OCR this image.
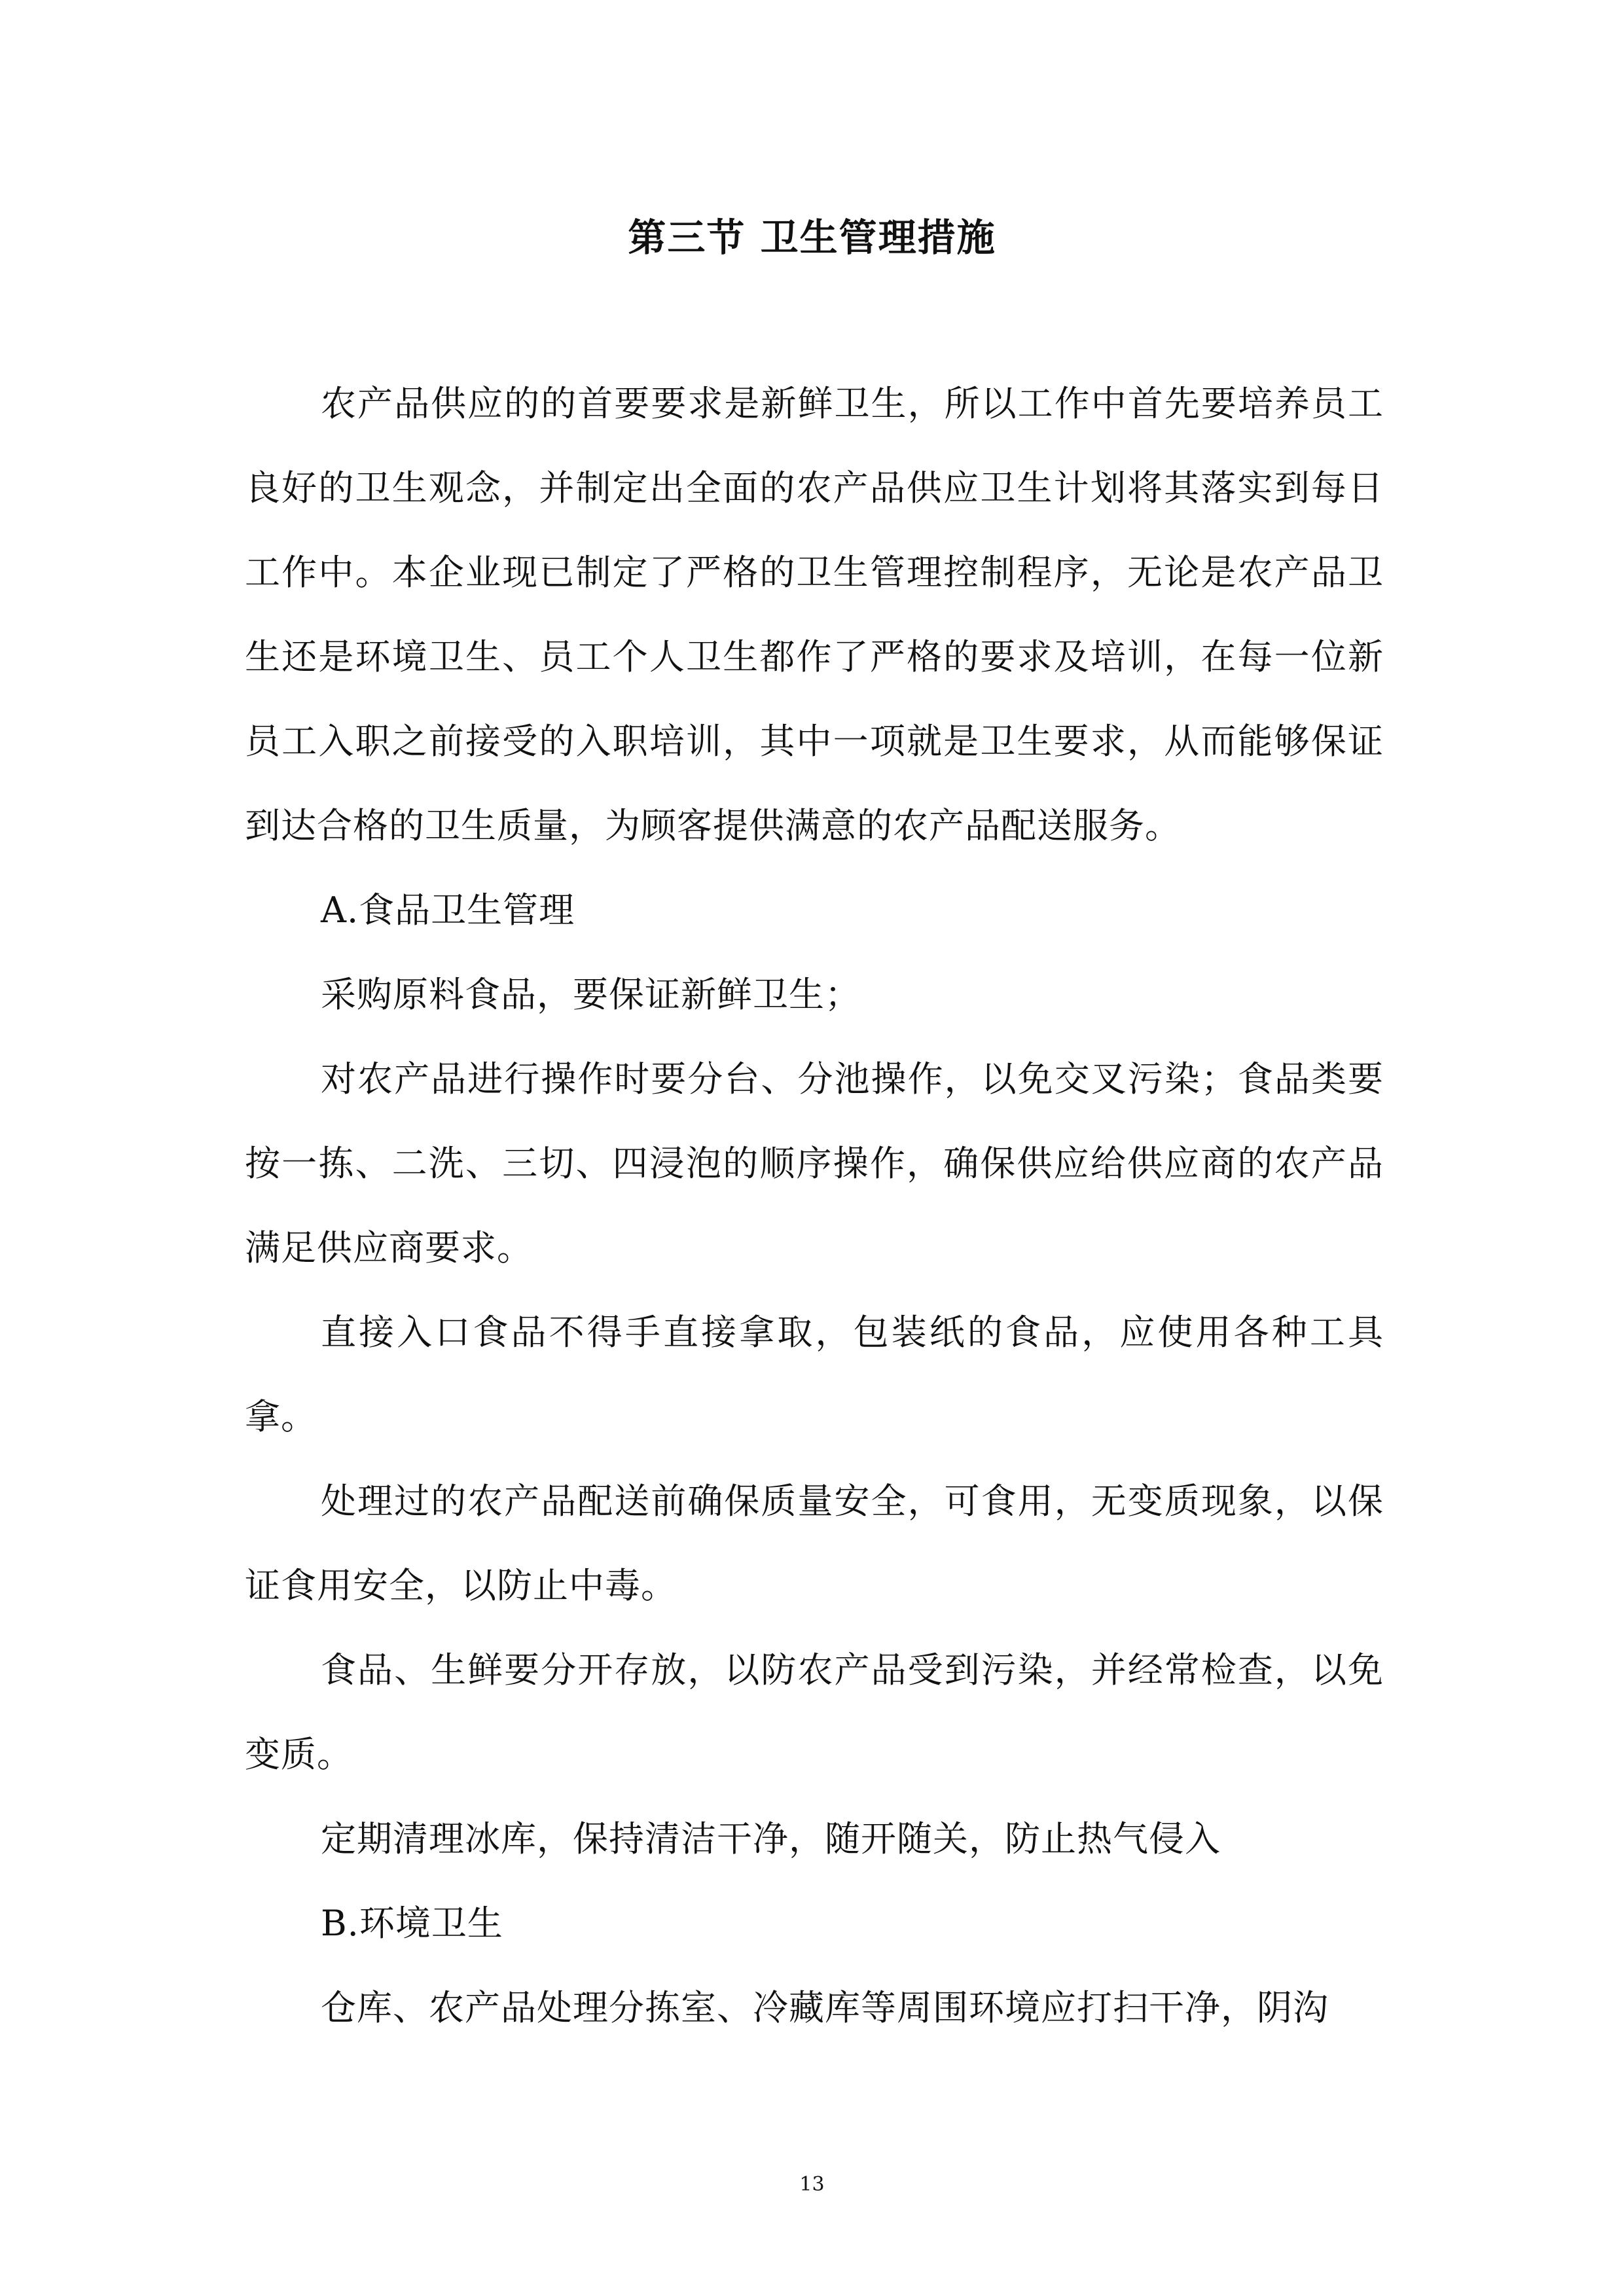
第三节 卫生管理措施

农产品供应的的首要要求是新鲜卫生，所以工作中首先要培养员工良好的卫生观念，并制定出全面的农产品供应卫生计划将其落实到每日工作中。本企业现已制定了严格的卫生管理控制程序，无论是农产品卫生还是环境卫生、员工个人卫生都作了严格的要求及培训，在每一位新员工入职之前接受的入职培训，其中一项就是卫生要求，从而能够保证到达合格的卫生质量，为顾客提供满意的农产品配送服务。

A.食品卫生管理

采购原料食品，要保证新鲜卫生；

对农产品进行操作时要分台、分池操作，以免交叉污染；食品类要按一拣、二洗、三切、四浸泡的顺序操作，确保供应给供应商的农产品满足供应商要求。

直接入口食品不得手直接拿取，包装纸的食品，应使用各种工具拿。

处理过的农产品配送前确保质量安全，可食用，无变质现象，以保证食用安全，以防止中毒。

食品、生鲜要分开存放，以防农产品受到污染，并经常检查，以免变质。

定期清理冰库，保持清洁干净，随开随关，防止热气侵入

B.环境卫生

仓库、农产品处理分拣室、冷藏库等周围环境应打扫干净，阴沟

13
